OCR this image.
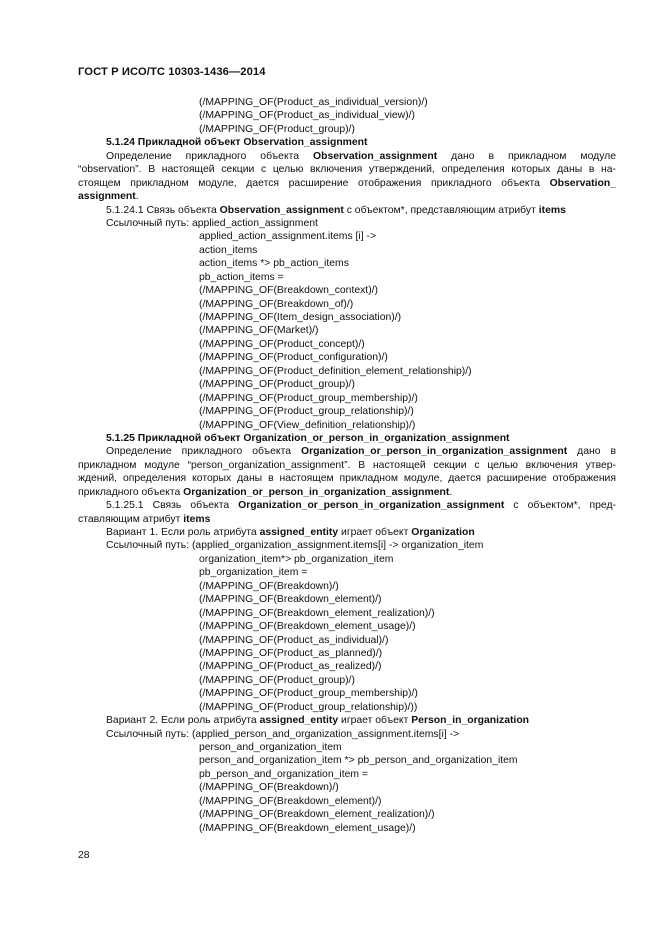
ГОСТ Р ИСО/ТС 10303-1436—2014
(/MAPPING_OF(Product_as_individual_version)/)
(/MAPPING_OF(Product_as_individual_view)/)
(/MAPPING_OF(Product_group)/)
5.1.24 Прикладной объект Observation_assignment
Определение прикладного объекта Observation_assignment дано в прикладном модуле
“observation”. В настоящей секции с целью включения утверждений, определения которых даны в на-
стоящем прикладном модуле, дается расширение отображения прикладного объекта Observation_
assignment.
5.1.24.1 Связь объекта Observation_assignment с объектом*, представляющим атрибут items
Ссылочный путь: applied_action_assignment
applied_action_assignment.items [i] ->
action_items
action_items *> pb_action_items
pb_action_items =
(/MAPPING_OF(Breakdown_context)/)
(/MAPPING_OF(Breakdown_of)/)
(/MAPPING_OF(Item_design_association)/)
(/MAPPING_OF(Market)/)
(/MAPPING_OF(Product_concept)/)
(/MAPPING_OF(Product_configuration)/)
(/MAPPING_OF(Product_definition_element_relationship)/)
(/MAPPING_OF(Product_group)/)
(/MAPPING_OF(Product_group_membership)/)
(/MAPPING_OF(Product_group_relationship)/)
(/MAPPING_OF(View_definition_relationship)/)
5.1.25 Прикладной объект Organization_or_person_in_organization_assignment
Определение прикладного объекта Organization_or_person_in_organization_assignment дано в
прикладном модуле “person_organization_assignment”. В настоящей секции с целью включения утвер-
ждений, определения которых даны в настоящем прикладном модуле, дается расширение отображения
прикладного объекта Organization_or_person_in_organization_assignment.
5.1.25.1 Связь объекта Organization_or_person_in_organization_assignment с объектом*, пред-
ставляющим атрибут items
Вариант 1. Если роль атрибута assigned_entity играет объект Organization
Ссылочный путь: (applied_organization_assignment.items[i] -> organization_item
organization_item*> pb_organization_item
pb_organization_item =
(/MAPPING_OF(Breakdown)/)
(/MAPPING_OF(Breakdown_element)/)
(/MAPPING_OF(Breakdown_element_realization)/)
(/MAPPING_OF(Breakdown_element_usage)/)
(/MAPPING_OF(Product_as_individual)/)
(/MAPPING_OF(Product_as_planned)/)
(/MAPPING_OF(Product_as_realized)/)
(/MAPPING_OF(Product_group)/)
(/MAPPING_OF(Product_group_membership)/)
(/MAPPING_OF(Product_group_relationship)/))
Вариант 2. Если роль атрибута assigned_entity играет объект Person_in_organization
Ссылочный путь: (applied_person_and_organization_assignment.items[i] ->
person_and_organization_item
person_and_organization_item *> pb_person_and_organization_item
pb_person_and_organization_item =
(/MAPPING_OF(Breakdown)/)
(/MAPPING_OF(Breakdown_element)/)
(/MAPPING_OF(Breakdown_element_realization)/)
(/MAPPING_OF(Breakdown_element_usage)/)
28
